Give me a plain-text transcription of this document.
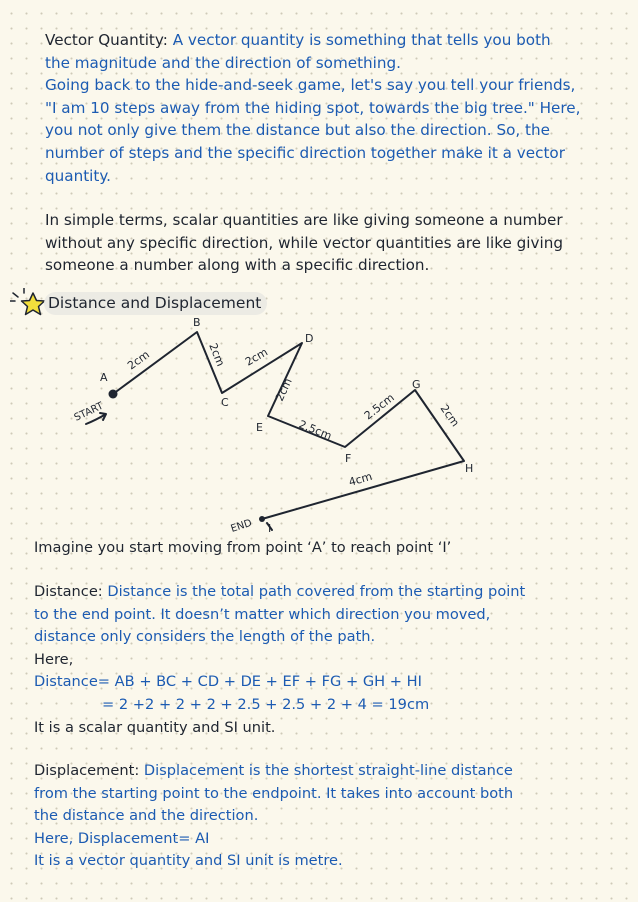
Vector Quantity: A vector quantity is something that tells you both
the magnitude and the direction of something.
Going back to the hide-and-seek game, let's say you tell your friends,
"I am 10 steps away from the hiding spot, towards the big tree." Here,
you not only give them the distance but also the direction. So, the
number of steps and the specific direction together make it a vector
quantity.
In simple terms, scalar quantities are like giving someone a number
without any specific direction, while vector quantities are like giving
someone a number along with a specific direction.
Distance and Displacement
A
B
C
D
E
F
G
H
I
2cm	2cm 2cm
2cm
2.5cm
2.5cm	2cm
4cm
START
END
Imagine you start moving from point ‘A’ to reach point ‘I’
Distance: Distance is the total path covered from the starting point
to the end point. It doesn’t matter which direction you moved,
distance only considers the length of the path.
Here,
Distance= AB + BC + CD + DE + EF + FG + GH + HI
= 2 +2 + 2 + 2 + 2.5 + 2.5 + 2 + 4 = 19cm
It is a scalar quantity and SI unit.
Displacement: Displacement is the shortest straight-line distance
from the starting point to the endpoint. It takes into account both
the distance and the direction.
Here, Displacement= AI
It is a vector quantity and SI unit is metre.
